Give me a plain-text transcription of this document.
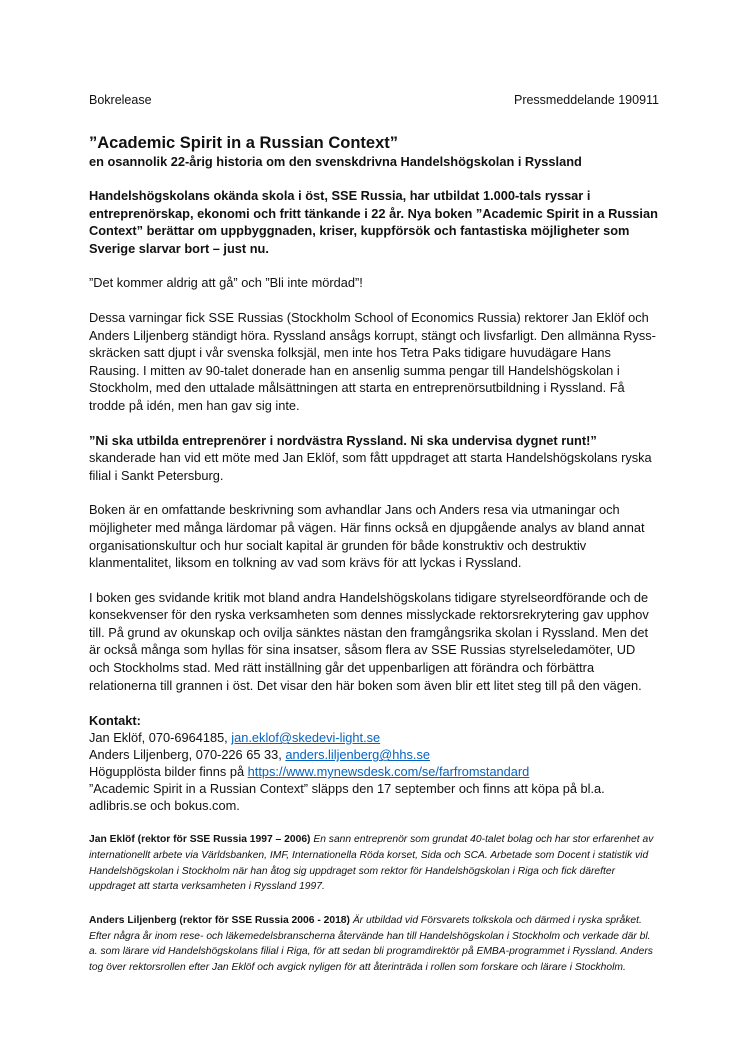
Bokrelease	Pressmeddelande 190911
”Academic Spirit in a Russian Context”
en osannolik 22-årig historia om den svenskdrivna Handelshögskolan i Ryssland

Handelshögskolans okända skola i öst, SSE Russia, har utbildat 1.000-tals ryssar i entreprenörskap, ekonomi och fritt tänkande i 22 år. Nya boken ”Academic Spirit in a Russian Context” berättar om uppbyggnaden, kriser, kuppförsök och fantastiska möjligheter som Sverige slarvar bort – just nu.

”Det kommer aldrig att gå” och ”Bli inte mördad”!

Dessa varningar fick SSE Russias (Stockholm School of Economics Russia) rektorer Jan Eklöf och Anders Liljenberg ständigt höra. Ryssland ansågs korrupt, stängt och livsfarligt. Den allmänna Ryss-skräcken satt djupt i vår svenska folksjäl, men inte hos Tetra Paks tidigare huvudägare Hans Rausing. I mitten av 90-talet donerade han en ansenlig summa pengar till Handelshögskolan i Stockholm, med den uttalade målsättningen att starta en entreprenörsutbildning i Ryssland. Få trodde på idén, men han gav sig inte.

”Ni ska utbilda entreprenörer i nordvästra Ryssland. Ni ska undervisa dygnet runt!” skanderade han vid ett möte med Jan Eklöf, som fått uppdraget att starta Handelshögskolans ryska filial i Sankt Petersburg.

Boken är en omfattande beskrivning som avhandlar Jans och Anders resa via utmaningar och möjligheter med många lärdomar på vägen. Här finns också en djupgående analys av bland annat organisationskultur och hur socialt kapital är grunden för både konstruktiv och destruktiv klanmentalitet, liksom en tolkning av vad som krävs för att lyckas i Ryssland.

I boken ges svidande kritik mot bland andra Handelshögskolans tidigare styrelseordförande och de konsekvenser för den ryska verksamheten som dennes misslyckade rektorsrekrytering gav upphov till. På grund av okunskap och ovilja sänktes nästan den framgångsrika skolan i Ryssland. Men det är också många som hyllas för sina insatser, såsom flera av SSE Russias styrelseledamöter, UD och Stockholms stad. Med rätt inställning går det uppenbarligen att förändra och förbättra relationerna till grannen i öst. Det visar den här boken som även blir ett litet steg till på den vägen.

Kontakt:
Jan Eklöf, 070-6964185, jan.eklof@skedevi-light.se
Anders Liljenberg, 070-226 65 33, anders.liljenberg@hhs.se
Högupplösta bilder finns på https://www.mynewsdesk.com/se/farfromstandard
”Academic Spirit in a Russian Context” släpps den 17 september och finns att köpa på bl.a. adlibris.se och bokus.com.

Jan Eklöf (rektor för SSE Russia 1997 – 2006) En sann entreprenör som grundat 40-talet bolag och har stor erfarenhet av internationellt arbete via Världsbanken, IMF, Internationella Röda korset, Sida och SCA. Arbetade som Docent i statistik vid Handelshögskolan i Stockholm när han åtog sig uppdraget som rektor för Handelshögskolan i Riga och fick därefter uppdraget att starta verksamheten i Ryssland 1997.

Anders Liljenberg (rektor för SSE Russia 2006 - 2018) Är utbildad vid Försvarets tolkskola och därmed i ryska språket. Efter några år inom rese- och läkemedelsbranscherna återvände han till Handelshögskolan i Stockholm och verkade där bl. a. som lärare vid Handelshögskolans filial i Riga, för att sedan bli programdirektör på EMBA-programmet i Ryssland. Anders tog över rektorsrollen efter Jan Eklöf och avgick nyligen för att återinträda i rollen som forskare och lärare i Stockholm.
